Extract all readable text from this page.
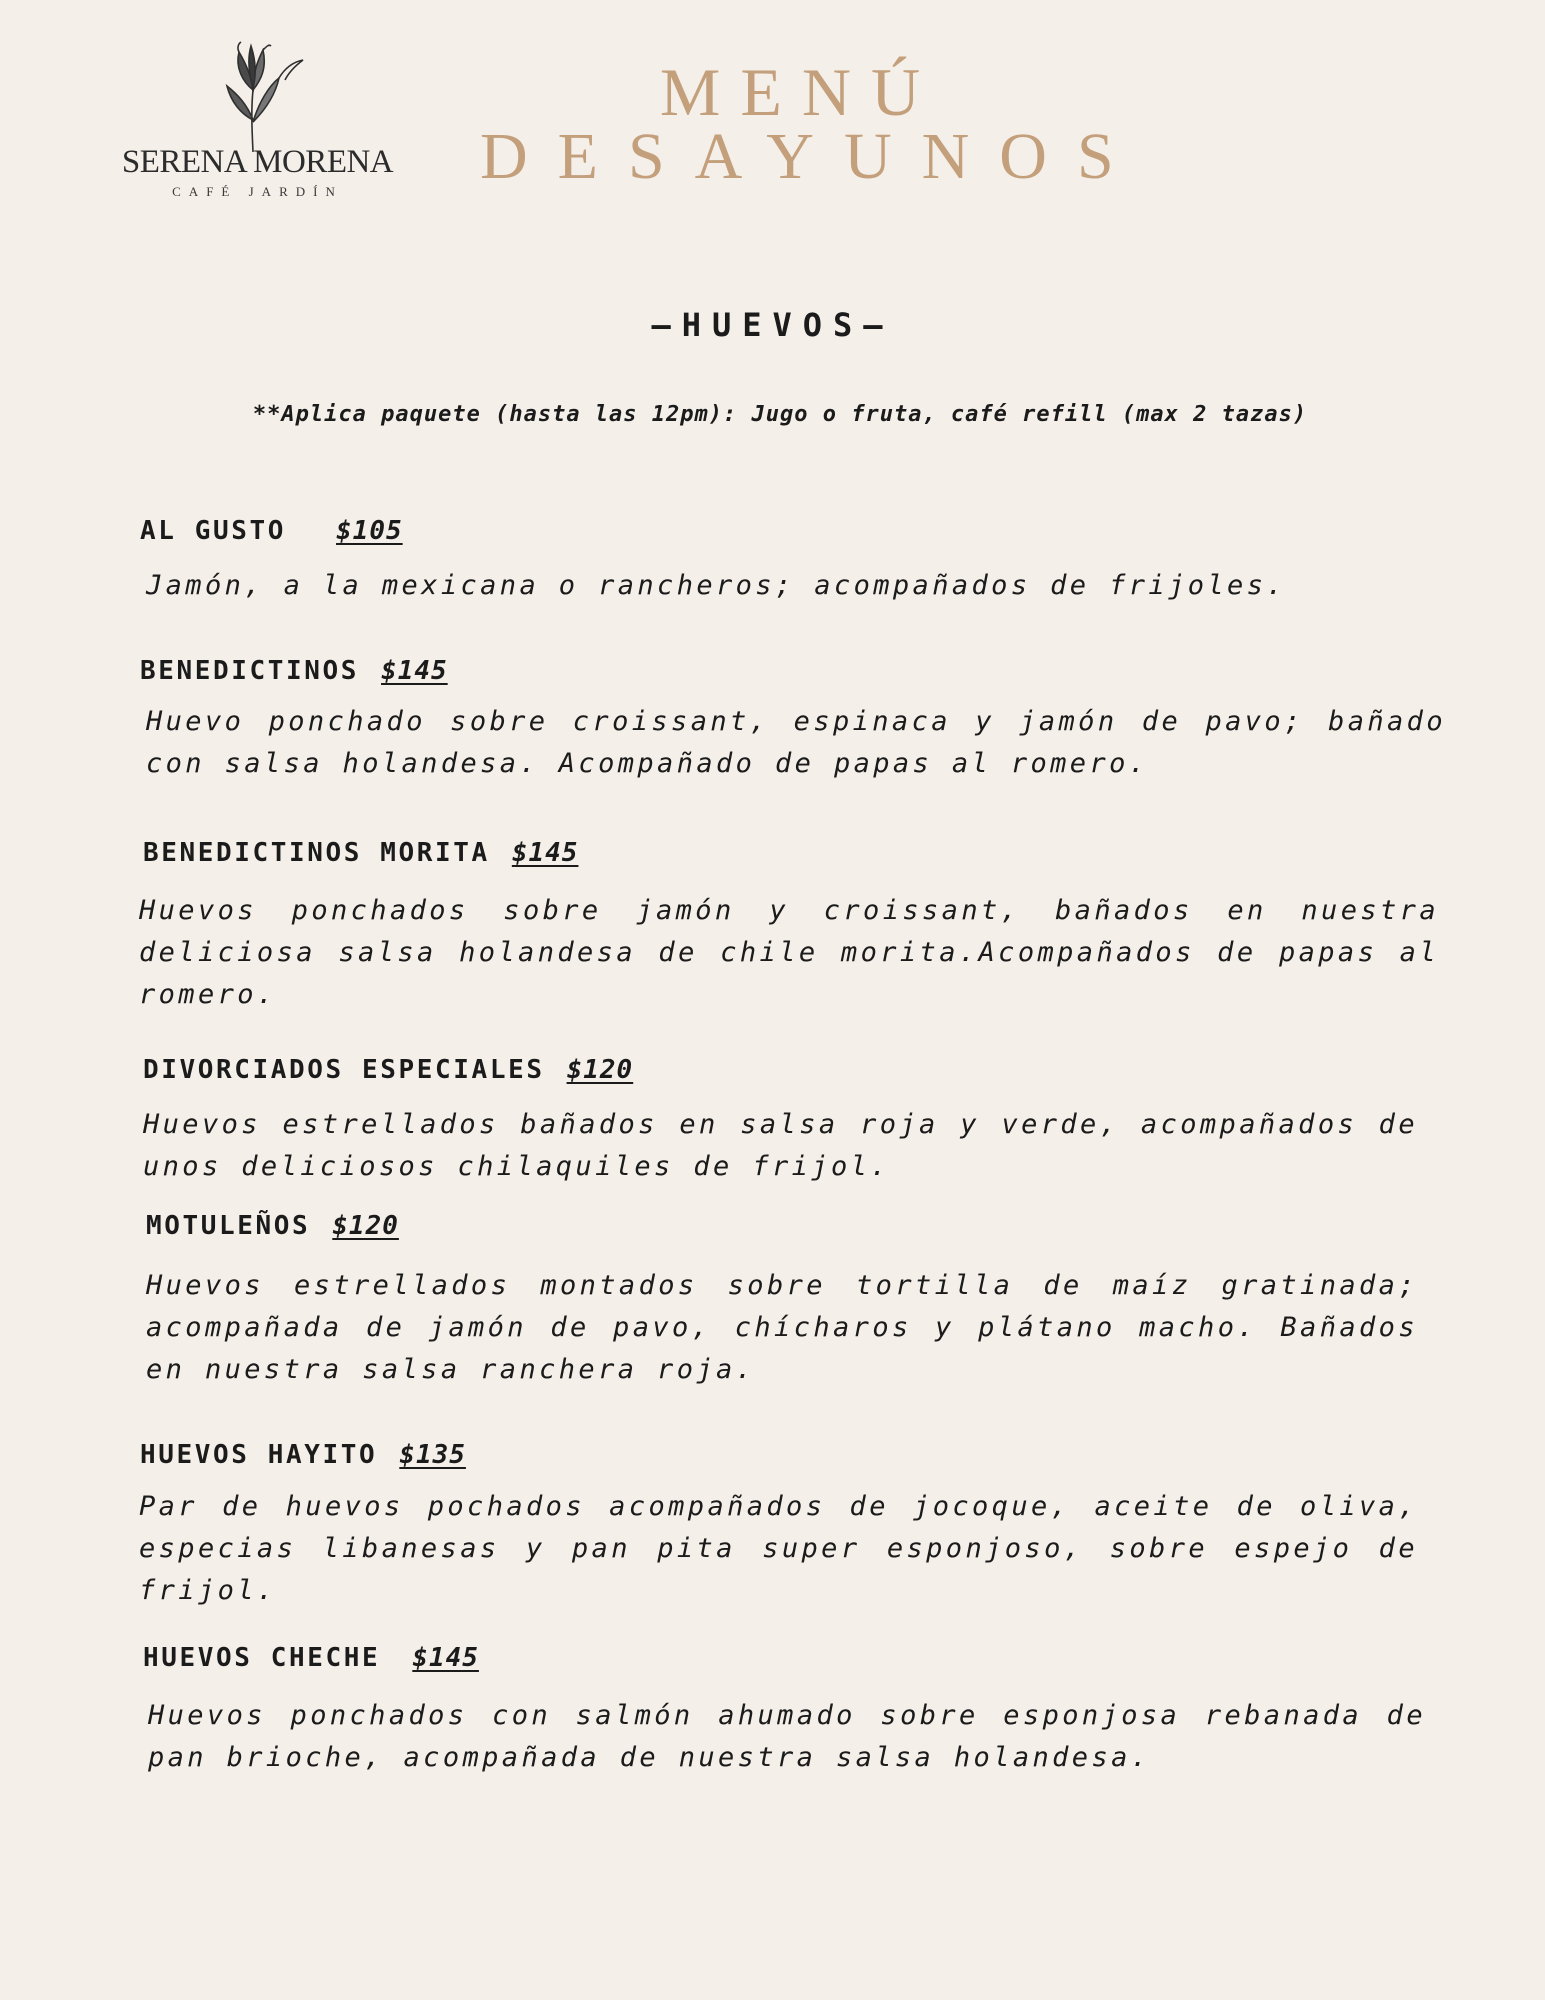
SERENA MORENA
CAFÉ JARDÍN
MENÚ
DESAYUNOS
–HUEVOS–
**Aplica paquete (hasta las 12pm): Jugo o fruta, café refill (max 2 tazas)
AL GUSTO $105

Jamón, a la mexicana o rancheros; acompañados de frijoles.

BENEDICTINOS $145

Huevo ponchado sobre croissant, espinaca y jamón de pavo; bañado con salsa holandesa. Acompañado de papas al romero.

BENEDICTINOS MORITA $145

Huevos ponchados sobre jamón y croissant, bañados en nuestra deliciosa salsa holandesa de chile morita.Acompañados de papas al romero.

DIVORCIADOS ESPECIALES $120

Huevos estrellados bañados en salsa roja y verde, acompañados de unos deliciosos chilaquiles de frijol.

MOTULEÑOS $120

Huevos estrellados montados sobre tortilla de maíz gratinada; acompañada de jamón de pavo, chícharos y plátano macho. Bañados en nuestra salsa ranchera roja.

HUEVOS HAYITO $135

Par de huevos pochados acompañados de jocoque, aceite de oliva, especias libanesas y pan pita super esponjoso, sobre espejo de frijol.

HUEVOS CHECHE $145

Huevos ponchados con salmón ahumado sobre esponjosa rebanada de pan brioche, acompañada de nuestra salsa holandesa.
